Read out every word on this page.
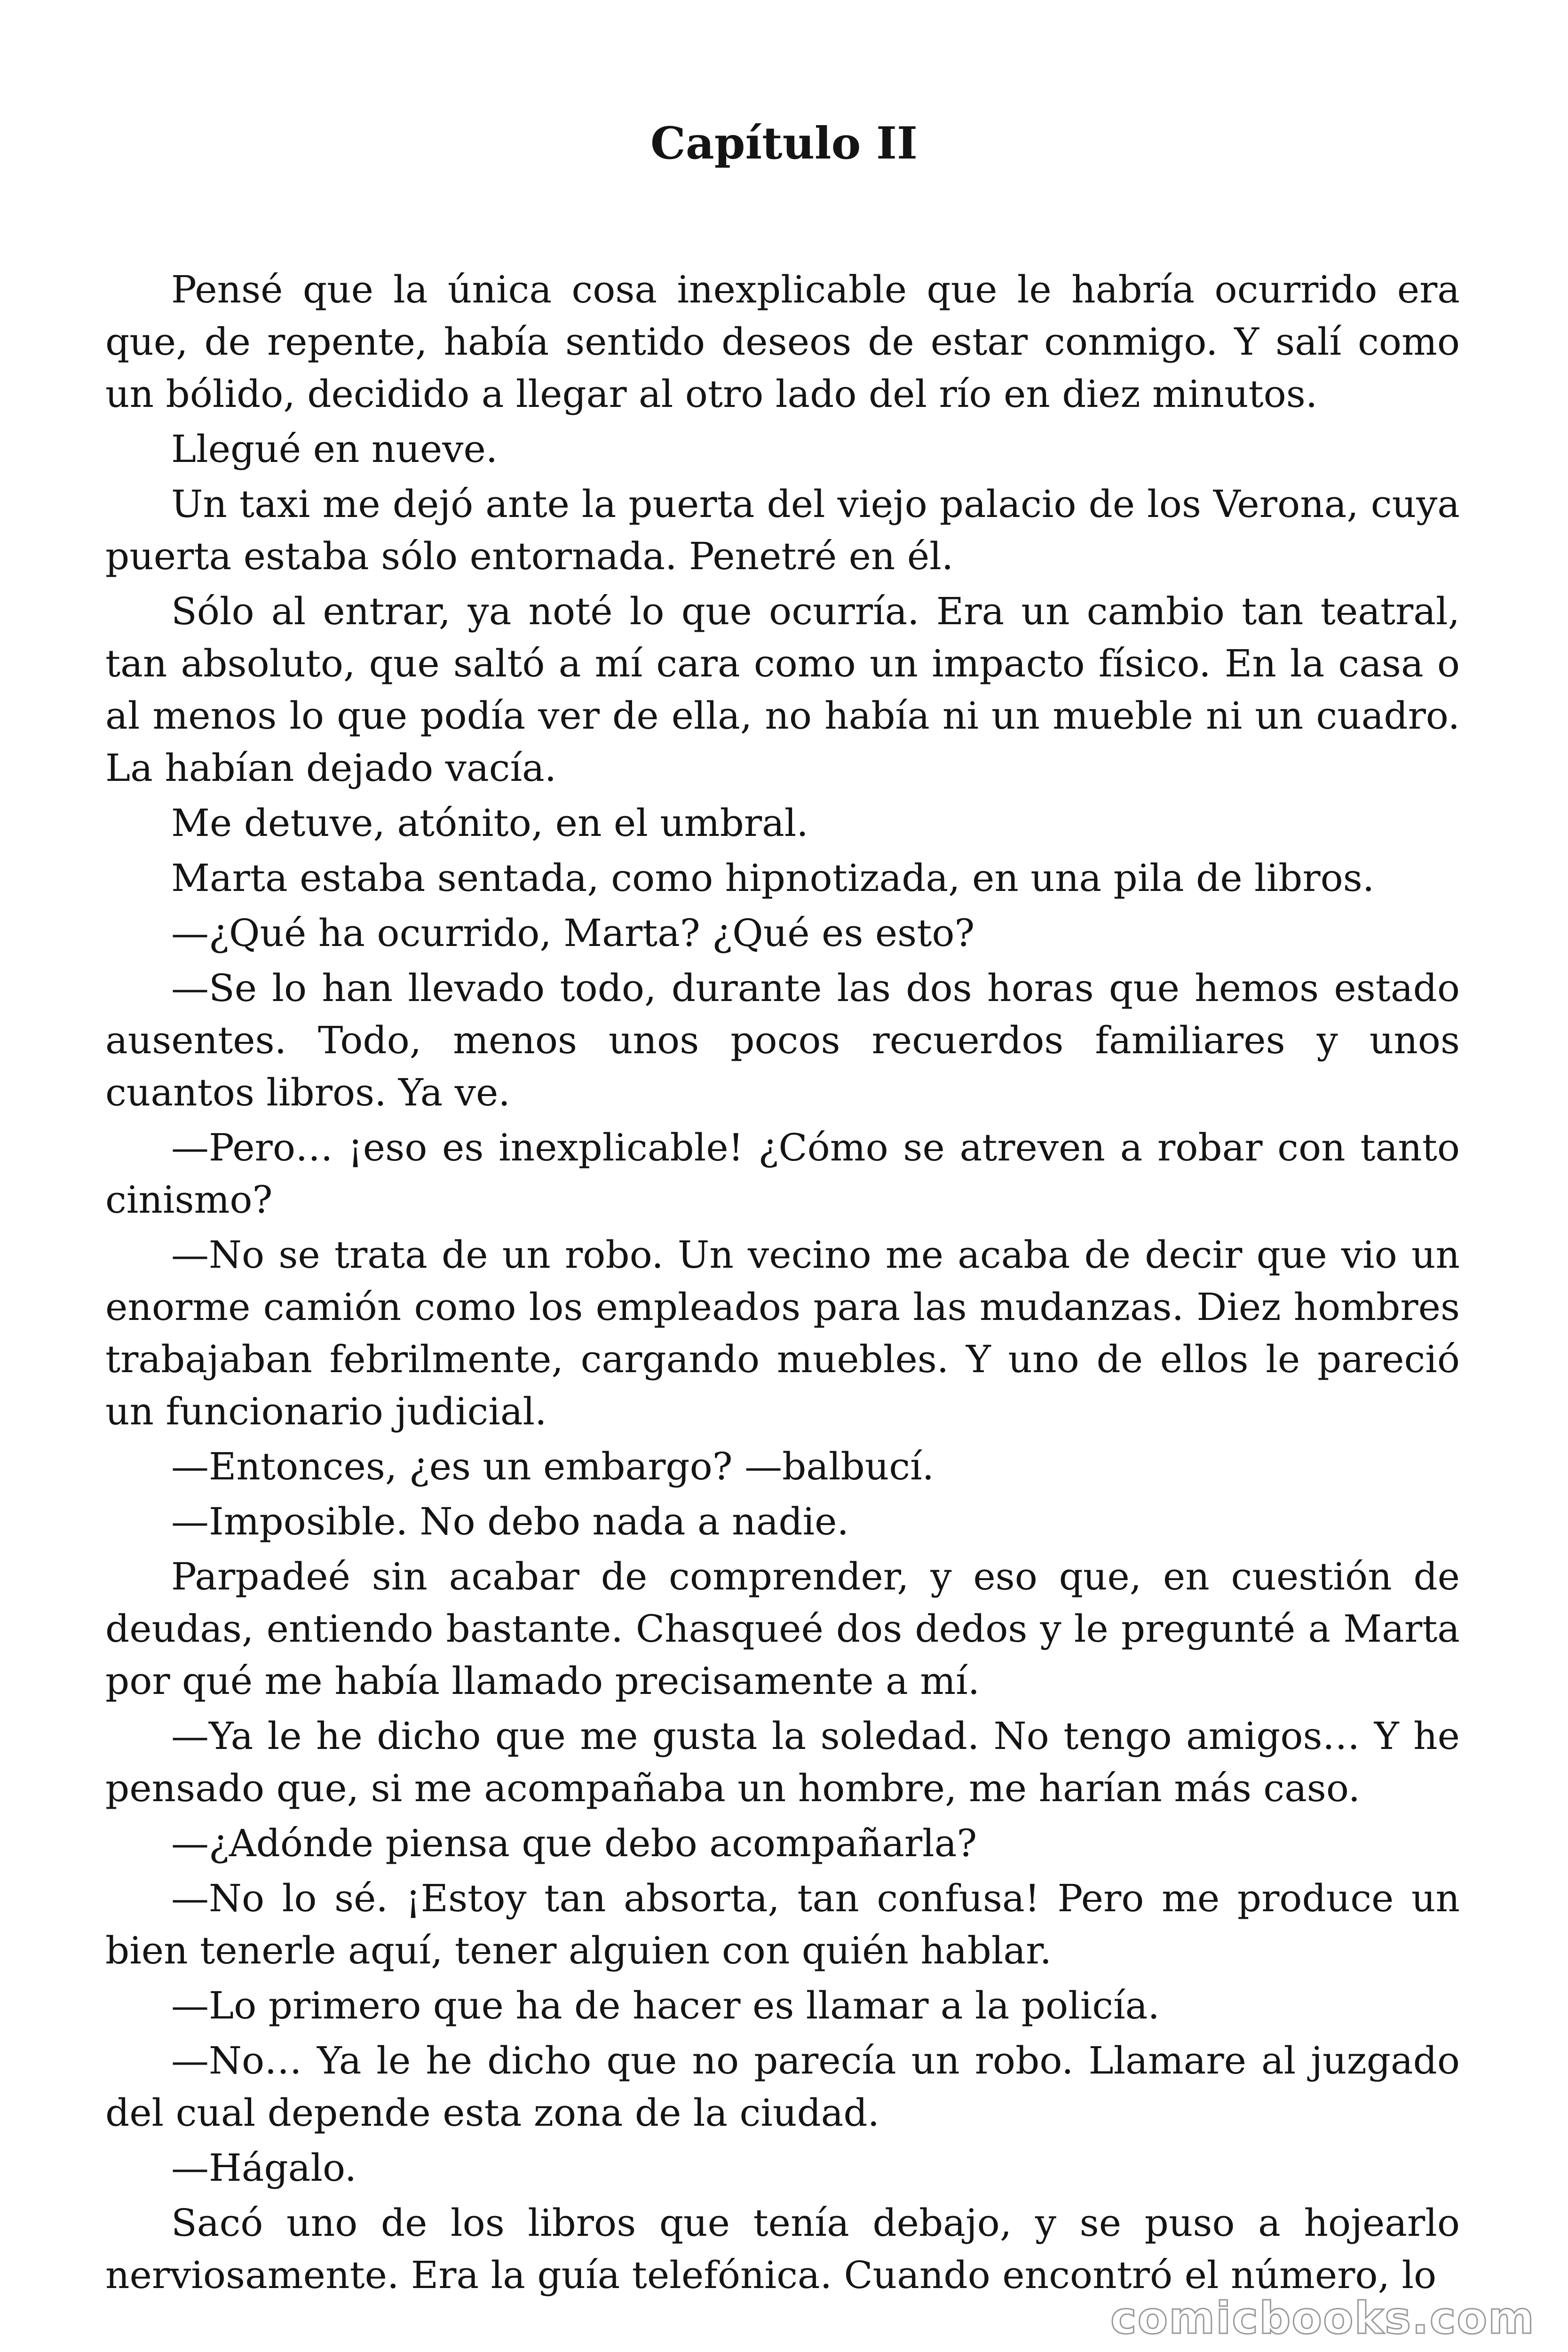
Capítulo II

Pensé que la única cosa inexplicable que le habría ocurrido era que, de repente, había sentido deseos de estar conmigo. Y salí como un bólido, decidido a llegar al otro lado del río en diez minutos.

Llegué en nueve.

Un taxi me dejó ante la puerta del viejo palacio de los Verona, cuya puerta estaba sólo entornada. Penetré en él.

Sólo al entrar, ya noté lo que ocurría. Era un cambio tan teatral, tan absoluto, que saltó a mí cara como un impacto físico. En la casa o al menos lo que podía ver de ella, no había ni un mueble ni un cuadro. La habían dejado vacía.

Me detuve, atónito, en el umbral.

Marta estaba sentada, como hipnotizada, en una pila de libros.

—¿Qué ha ocurrido, Marta? ¿Qué es esto?

—Se lo han llevado todo, durante las dos horas que hemos estado ausentes. Todo, menos unos pocos recuerdos familiares y unos cuantos libros. Ya ve.

—Pero… ¡eso es inexplicable! ¿Cómo se atreven a robar con tanto cinismo?

—No se trata de un robo. Un vecino me acaba de decir que vio un enorme camión como los empleados para las mudanzas. Diez hombres trabajaban febrilmente, cargando muebles. Y uno de ellos le pareció un funcionario judicial.

—Entonces, ¿es un embargo? —balbucí.

—Imposible. No debo nada a nadie.

Parpadeé sin acabar de comprender, y eso que, en cuestión de deudas, entiendo bastante. Chasqueé dos dedos y le pregunté a Marta por qué me había llamado precisamente a mí.

—Ya le he dicho que me gusta la soledad. No tengo amigos… Y he pensado que, si me acompañaba un hombre, me harían más caso.

—¿Adónde piensa que debo acompañarla?

—No lo sé. ¡Estoy tan absorta, tan confusa! Pero me produce un bien tenerle aquí, tener alguien con quién hablar.

—Lo primero que ha de hacer es llamar a la policía.

—No… Ya le he dicho que no parecía un robo. Llamare al juzgado del cual depende esta zona de la ciudad.

—Hágalo.

Sacó uno de los libros que tenía debajo, y se puso a hojearlo nerviosamente. Era la guía telefónica. Cuando encontró el número, lo

comicbooks.com
